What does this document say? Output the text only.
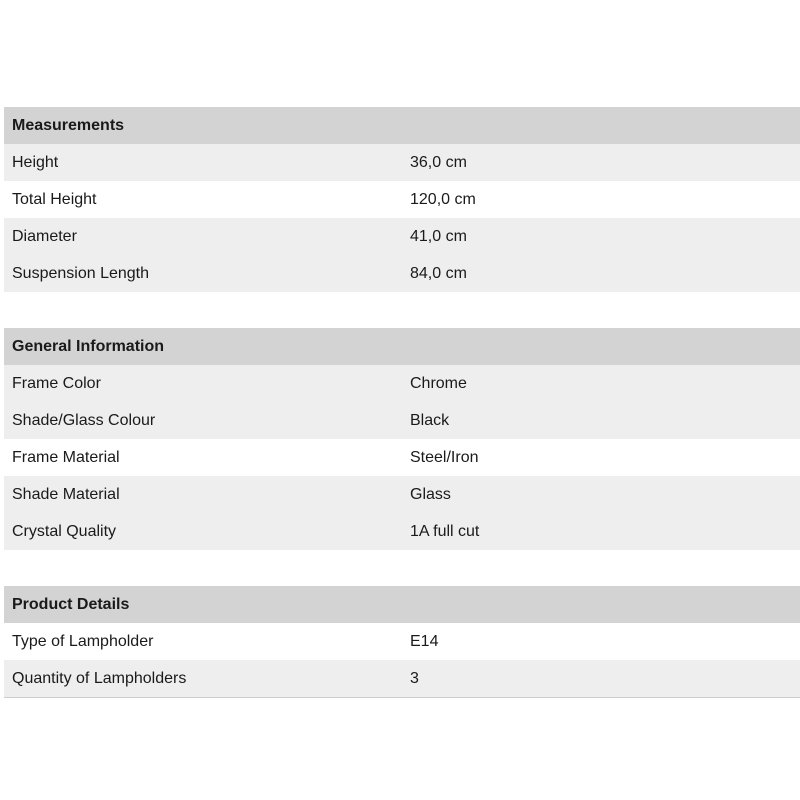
Measurements
Height	36,0 cm
Total Height	120,0 cm
Diameter	41,0 cm
Suspension Length	84,0 cm
General Information
Frame Color	Chrome
Shade/Glass Colour	Black
Frame Material	Steel/Iron
Shade Material	Glass
Crystal Quality	1A full cut
Product Details
Type of Lampholder	E14
Quantity of Lampholders	3
